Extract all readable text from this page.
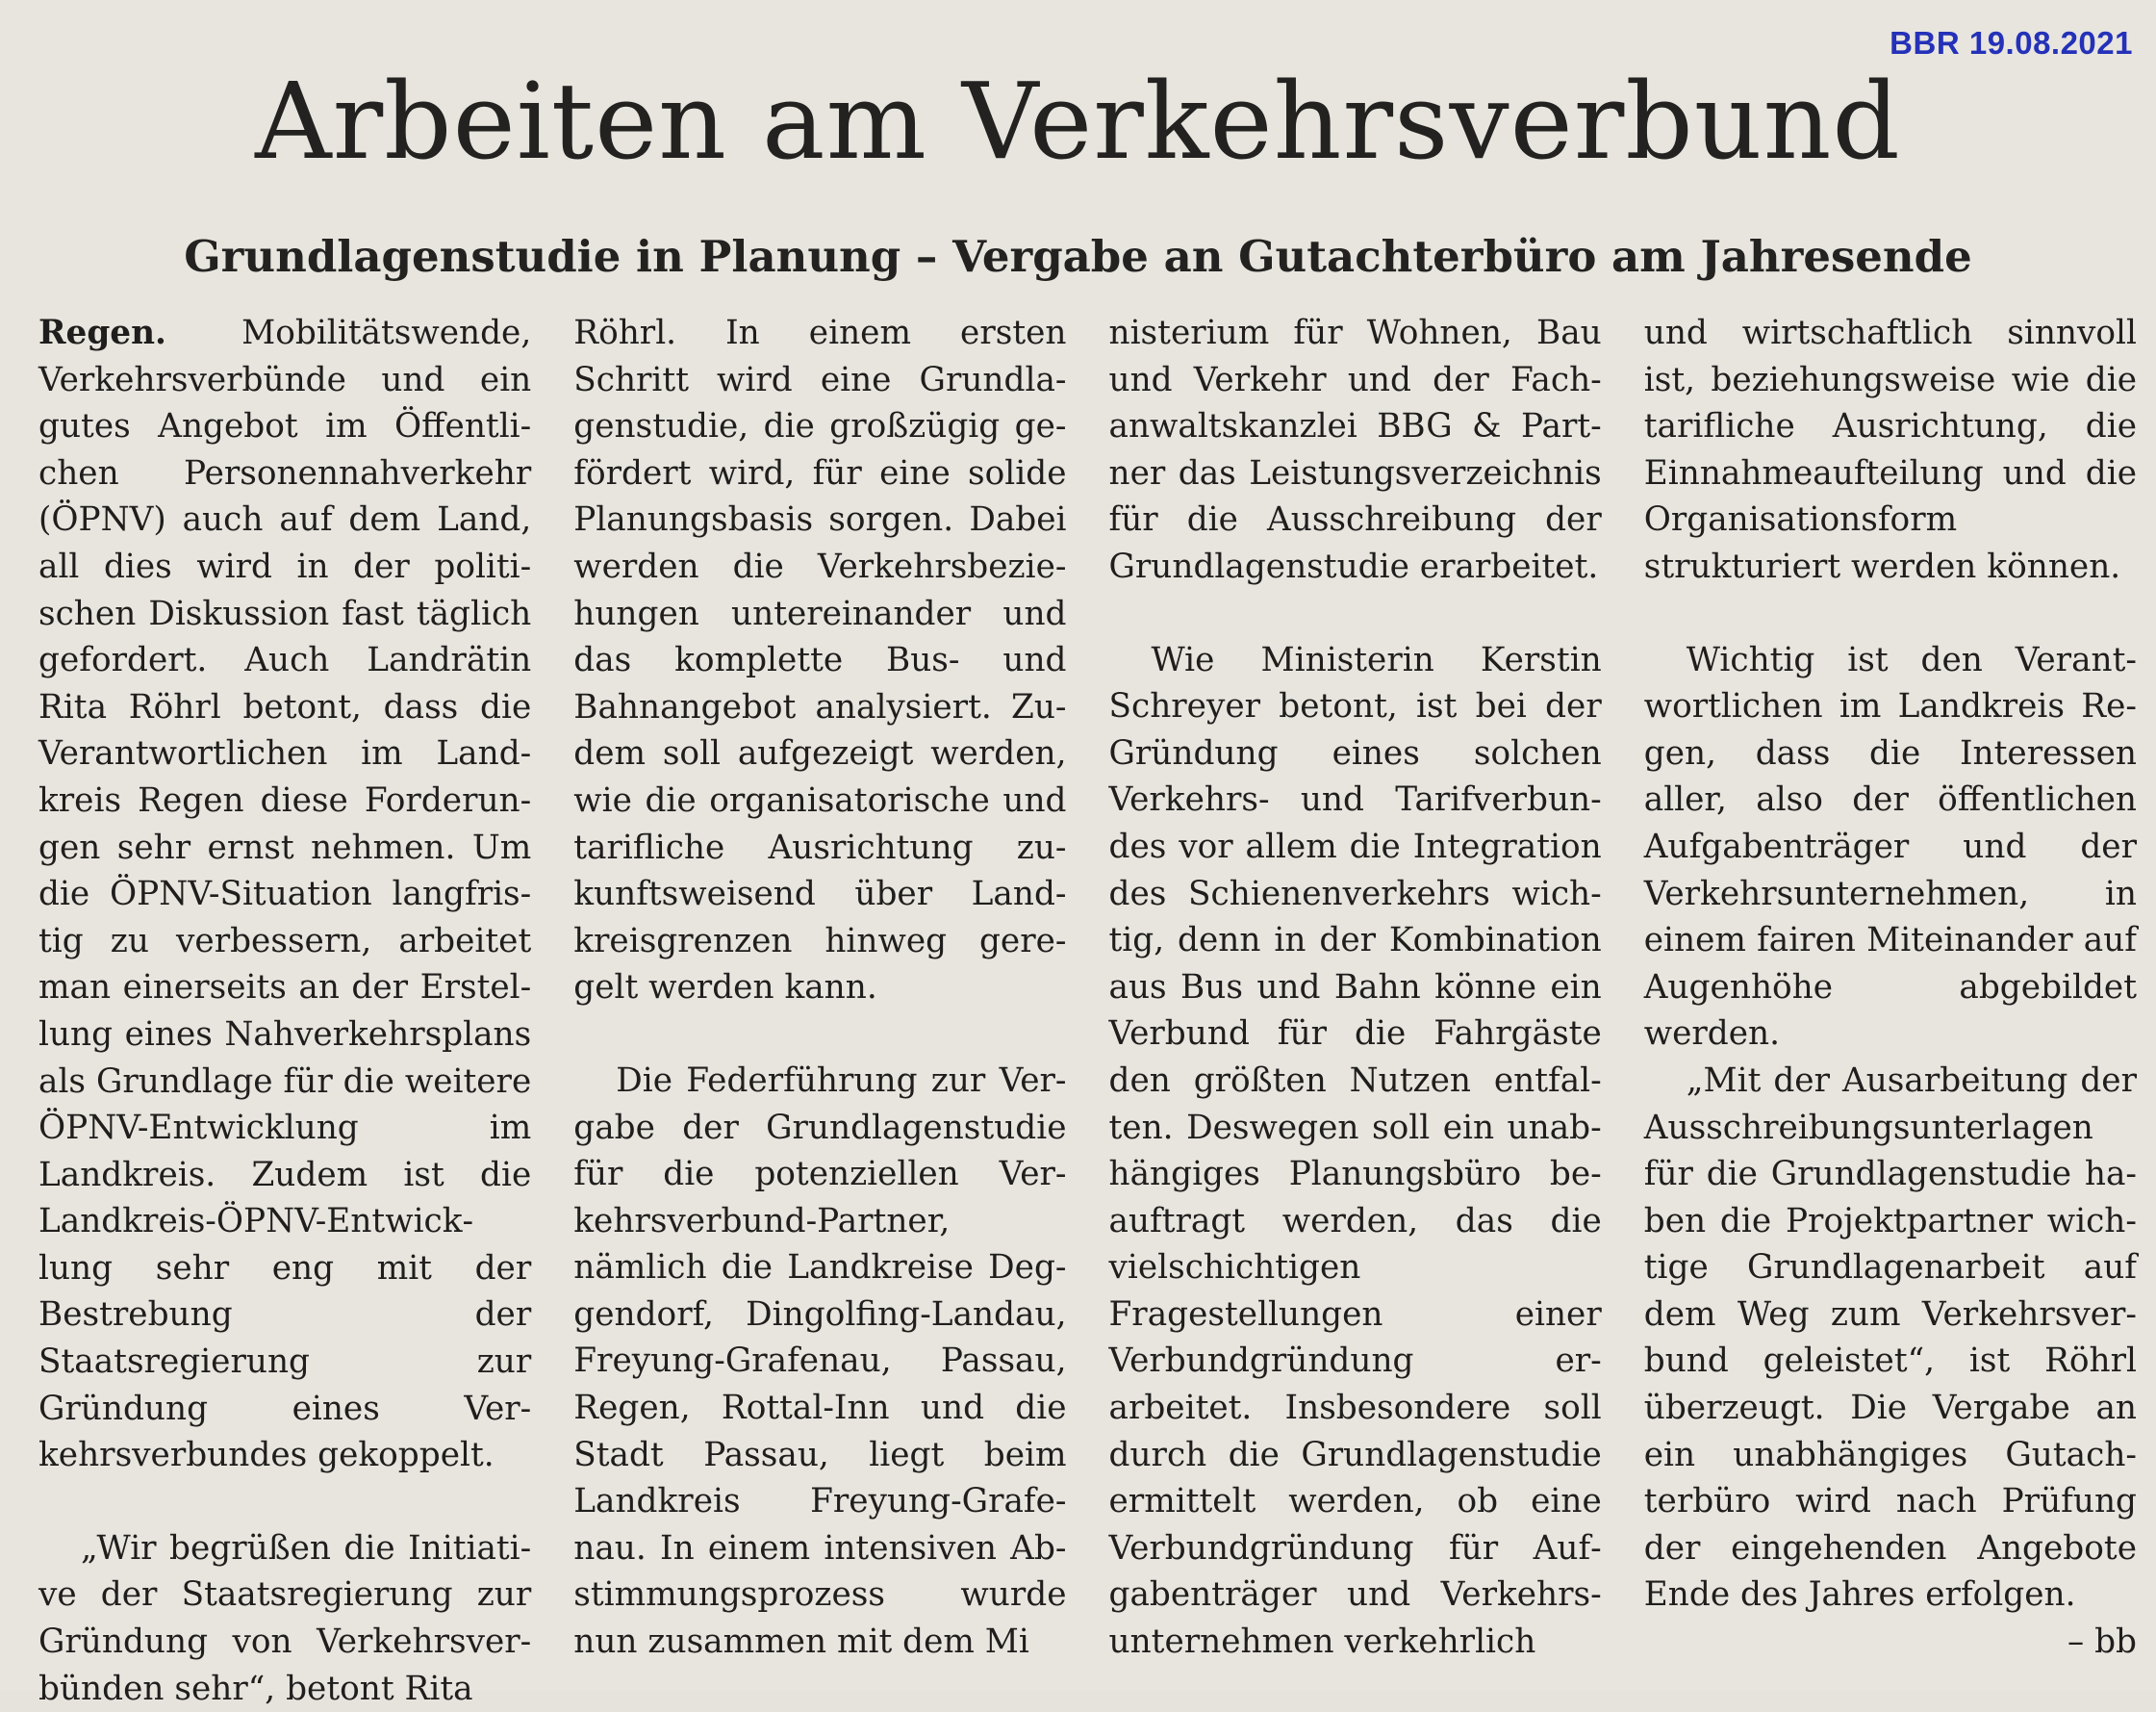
BBR 19.08.2021
Arbeiten am Verkehrsverbund
Grundlagenstudie in Planung – Vergabe an Gutachterbüro am Jahresende

Regen. Mobilitätswende, Verkehrsverbünde und ein gutes Angebot im Öffentlichen Personennahverkehr (ÖPNV) auch auf dem Land, all dies wird in der politischen Diskussion fast täglich gefordert. Auch Landrätin Rita Röhrl betont, dass die Verantwortlichen im Landkreis Regen diese Forderungen sehr ernst nehmen. Um die ÖPNV-Situation langfristig zu verbessern, arbeitet man einerseits an der Erstellung eines Nahverkehrsplans als Grundlage für die weitere ÖPNV-Entwicklung im Landkreis. Zudem ist die Landkreis-ÖPNV-Entwicklung sehr eng mit der Bestrebung der Staatsregierung zur Gründung eines Verkehrsverbundes gekoppelt.

„Wir begrüßen die Initiative der Staatsregierung zur Gründung von Verkehrsverbünden sehr“, betont Rita

Röhrl. In einem ersten Schritt wird eine Grundlagenstudie, die großzügig gefördert wird, für eine solide Planungsbasis sorgen. Dabei werden die Verkehrsbeziehungen untereinander und das komplette Bus- und Bahnangebot analysiert. Zudem soll aufgezeigt werden, wie die organisatorische und tarifliche Ausrichtung zukunftsweisend über Landkreisgrenzen hinweg geregelt werden kann.

Die Federführung zur Vergabe der Grundlagenstudie für die potenziellen Verkehrsverbund-Partner, nämlich die Landkreise Deggendorf, Dingolfing-Landau, Freyung-Grafenau, Passau, Regen, Rottal-Inn und die Stadt Passau, liegt beim Landkreis Freyung-Grafenau. In einem intensiven Abstimmungsprozess wurde nun zusammen mit dem Mi

nisterium für Wohnen, Bau und Verkehr und der Fachanwaltskanzlei BBG & Partner das Leistungsverzeichnis für die Ausschreibung der Grundlagenstudie erarbeitet.

Wie Ministerin Kerstin Schreyer betont, ist bei der Gründung eines solchen Verkehrs- und Tarifverbundes vor allem die Integration des Schienenverkehrs wichtig, denn in der Kombination aus Bus und Bahn könne ein Verbund für die Fahrgäste den größten Nutzen entfalten. Deswegen soll ein unabhängiges Planungsbüro beauftragt werden, das die vielschichtigen Fragestellungen einer Verbundgründung erarbeitet. Insbesondere soll durch die Grundlagenstudie ermittelt werden, ob eine Verbundgründung für Aufgabenträger und Verkehrsunternehmen verkehrlich

und wirtschaftlich sinnvoll ist, beziehungsweise wie die tarifliche Ausrichtung, die Einnahmeaufteilung und die Organisationsform strukturiert werden können.

Wichtig ist den Verantwortlichen im Landkreis Regen, dass die Interessen aller, also der öffentlichen Aufgabenträger und der Verkehrsunternehmen, in einem fairen Miteinander auf Augenhöhe abgebildet werden.

„Mit der Ausarbeitung der Ausschreibungsunterlagen für die Grundlagenstudie haben die Projektpartner wichtige Grundlagenarbeit auf dem Weg zum Verkehrsverbund geleistet“, ist Röhrl überzeugt. Die Vergabe an ein unabhängiges Gutachterbüro wird nach Prüfung der eingehenden Angebote Ende des Jahres erfolgen.

– bb
